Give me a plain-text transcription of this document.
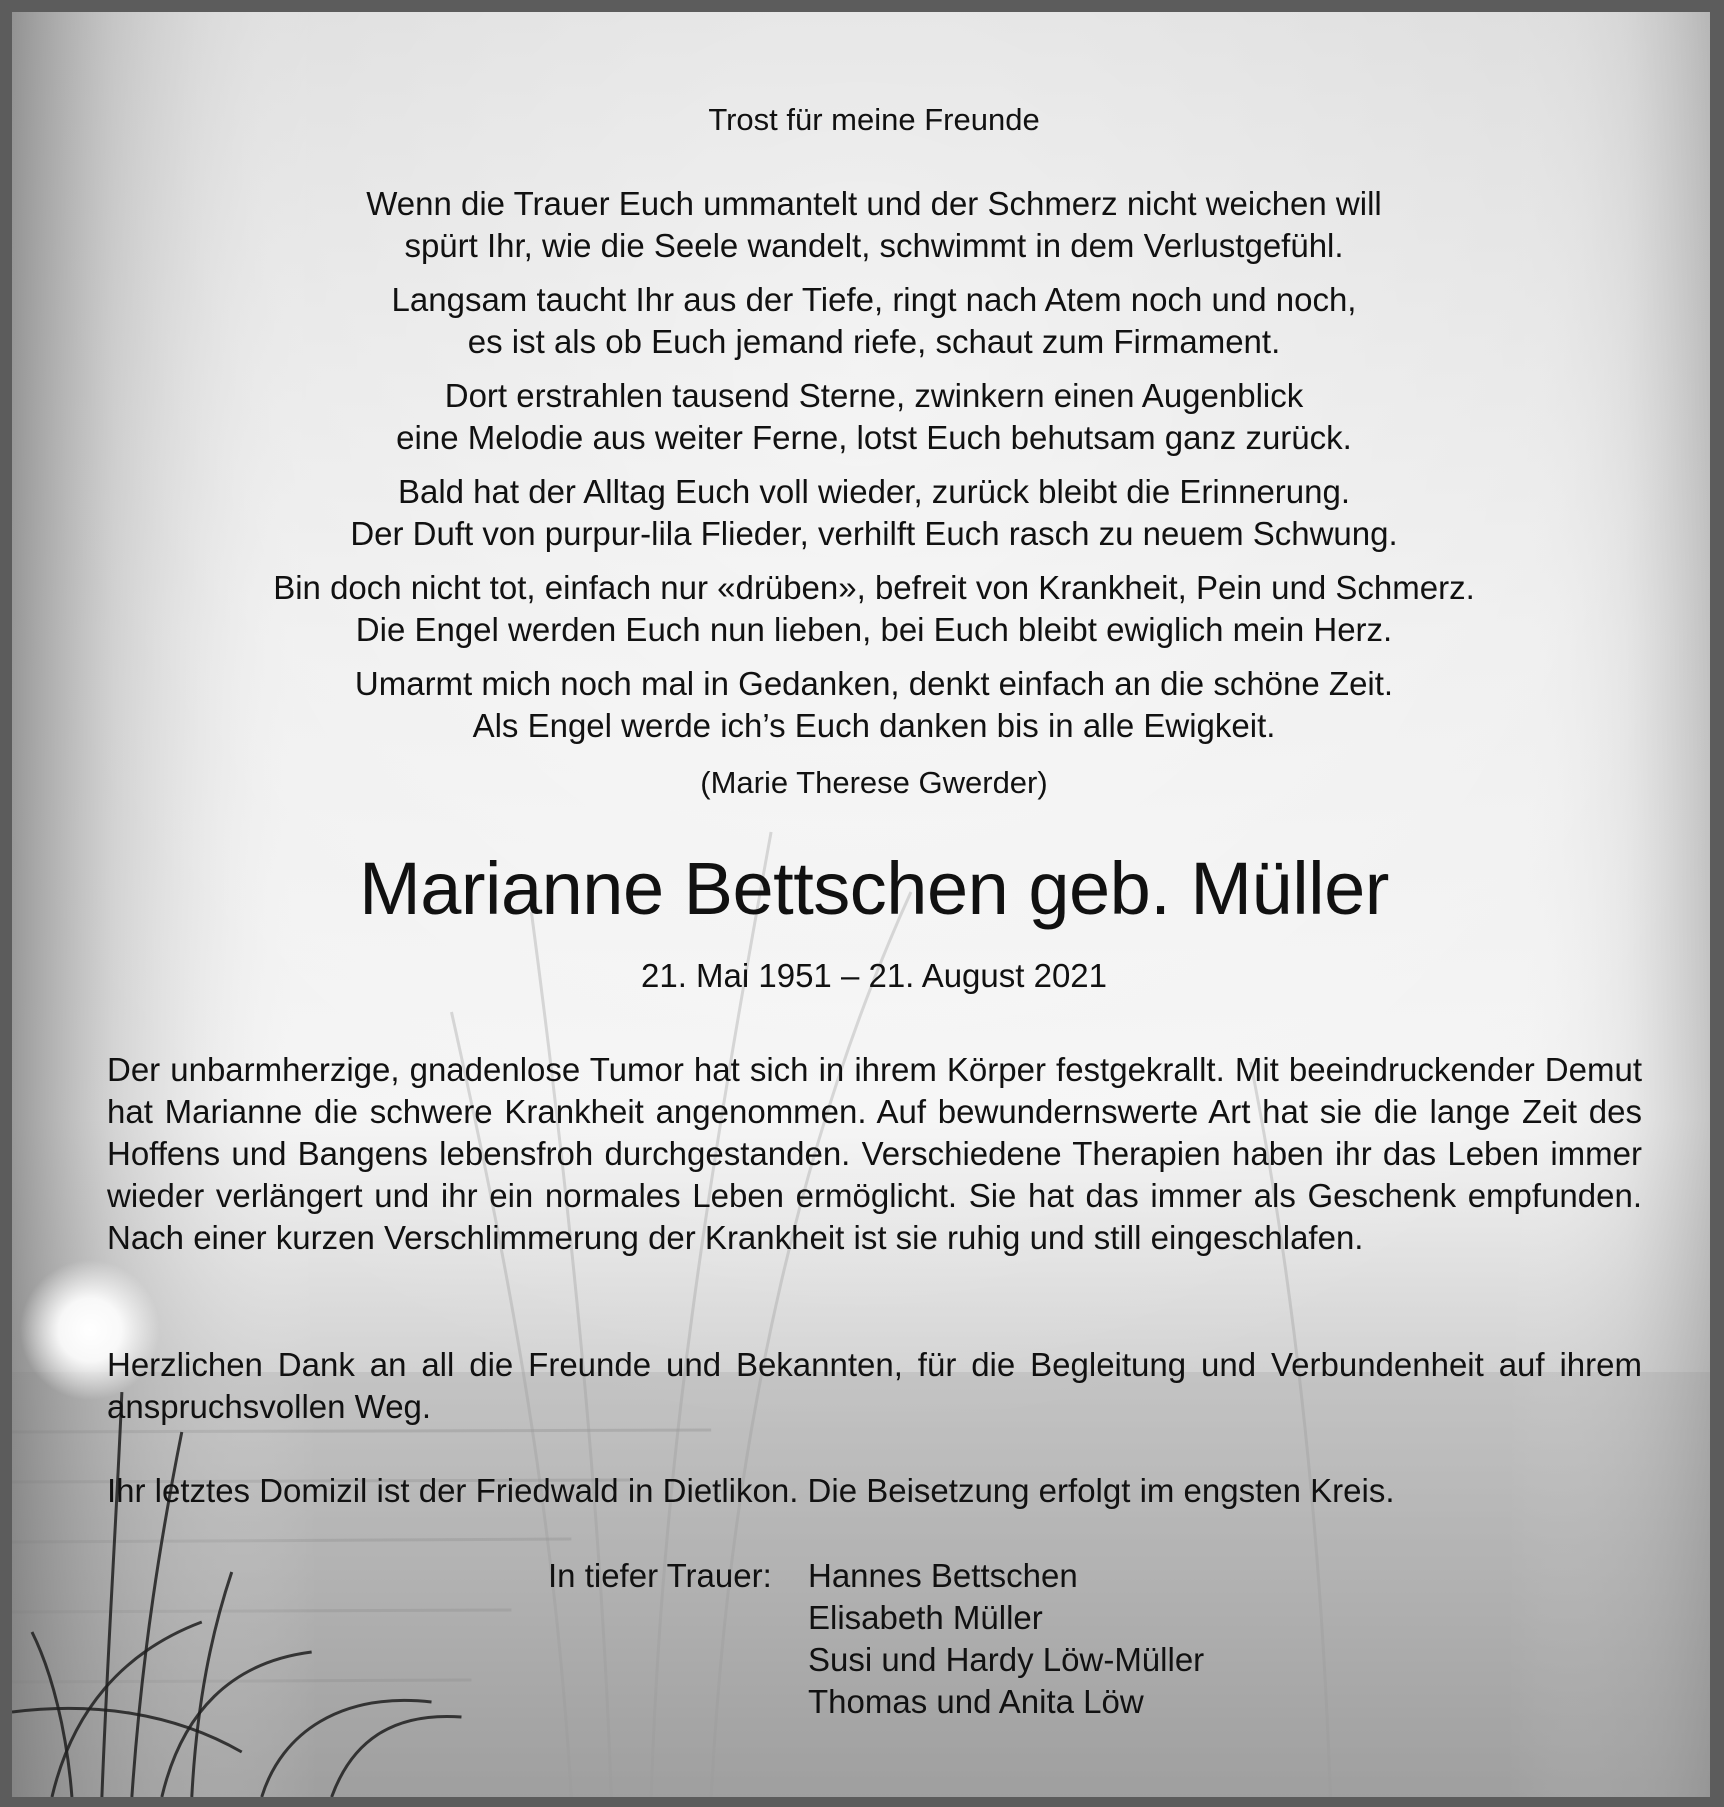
Trost für meine Freunde
Wenn die Trauer Euch ummantelt und der Schmerz nicht weichen will
spürt Ihr, wie die Seele wandelt, schwimmt in dem Verlustgefühl.
Langsam taucht Ihr aus der Tiefe, ringt nach Atem noch und noch,
es ist als ob Euch jemand riefe, schaut zum Firmament.
Dort erstrahlen tausend Sterne, zwinkern einen Augenblick
eine Melodie aus weiter Ferne, lotst Euch behutsam ganz zurück.
Bald hat der Alltag Euch voll wieder, zurück bleibt die Erinnerung.
Der Duft von purpur-lila Flieder, verhilft Euch rasch zu neuem Schwung.
Bin doch nicht tot, einfach nur «drüben», befreit von Krankheit, Pein und Schmerz.
Die Engel werden Euch nun lieben, bei Euch bleibt ewiglich mein Herz.
Umarmt mich noch mal in Gedanken, denkt einfach an die schöne Zeit.
Als Engel werde ich’s Euch danken bis in alle Ewigkeit.
(Marie Therese Gwerder)
Marianne Bettschen geb. Müller
21. Mai 1951 – 21. August 2021
Der unbarmherzige, gnadenlose Tumor hat sich in ihrem Körper festgekrallt. Mit beeindruckender Demut hat Marianne die schwere Krankheit angenommen. Auf bewundernswerte Art hat sie die lange Zeit des Hoffens und Bangens lebensfroh durchgestanden. Verschiedene Therapien haben ihr das Leben immer wieder verlängert und ihr ein normales Leben ermöglicht. Sie hat das immer als Geschenk empfunden. Nach einer kurzen Verschlimmerung der Krankheit ist sie ruhig und still eingeschlafen.
Herzlichen Dank an all die Freunde und Bekannten, für die Begleitung und Verbundenheit auf ihrem anspruchsvollen Weg.
Ihr letztes Domizil ist der Friedwald in Dietlikon. Die Beisetzung erfolgt im engsten Kreis.
In tiefer Trauer: Hannes Bettschen
Elisabeth Müller
Susi und Hardy Löw-Müller
Thomas und Anita Löw
